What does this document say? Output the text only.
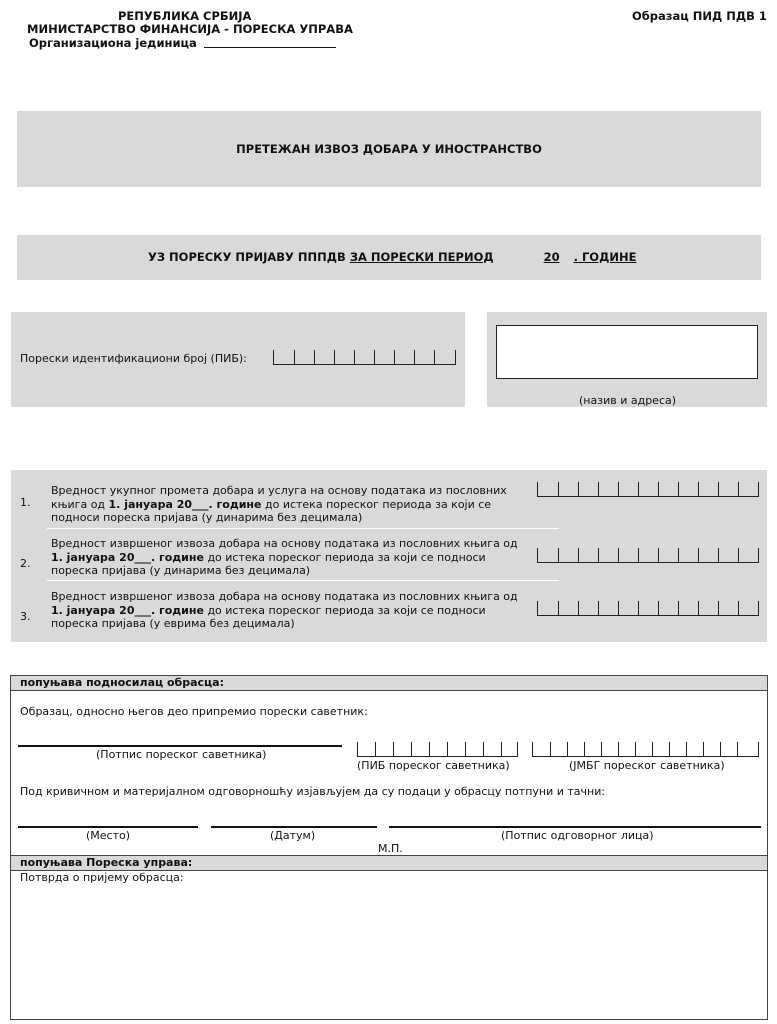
РЕПУБЛИКА СРБИЈА
МИНИСТАРСТВО ФИНАНСИЈА - ПОРЕСКА УПРАВА
Организациона јединица
Образац ПИД ПДВ 1
ПРЕТЕЖАН ИЗВОЗ ДОБАРА У ИНОСТРАНСТВО
УЗ ПОРЕСКУ ПРИЈАВУ ПППДВ ЗА ПОРЕСКИ ПЕРИОД	20 . ГОДИНЕ
Порески идентификациони број (ПИБ):
(назив и адреса)
1.
Вредност укупног промета добара и услуга на основу података из пословних
књига од 1. јануара 20___. године до истека пореског периода за који се
подноси пореска пријава (у динарима без децимала)
2.
Вредност извршеног извоза добара на основу података из пословних књига од
1. јануара 20___. године до истека пореског периода за који се подноси
пореска пријава (у динарима без децимала)
3.
Вредност извршеног извоза добара на основу података из пословних књига од
1. јануара 20___. године до истека пореског периода за који се подноси
пореска пријава (у еврима без децимала)
попуњава подносилац обрасца:
Образац, односно његов део припремио порески саветник:
(Потпис пореског саветника)
(ПИБ пореског саветника)	(ЈМБГ пореског саветника)
Под кривичном и материјалном одговорношћу изјављујем да су подаци у обрасцу потпуни и тачни:
(Место)	(Датум)	(Потпис одговорног лица)
М.П.
попуњава Пореска управа:
Потврда о пријему обрасца:
